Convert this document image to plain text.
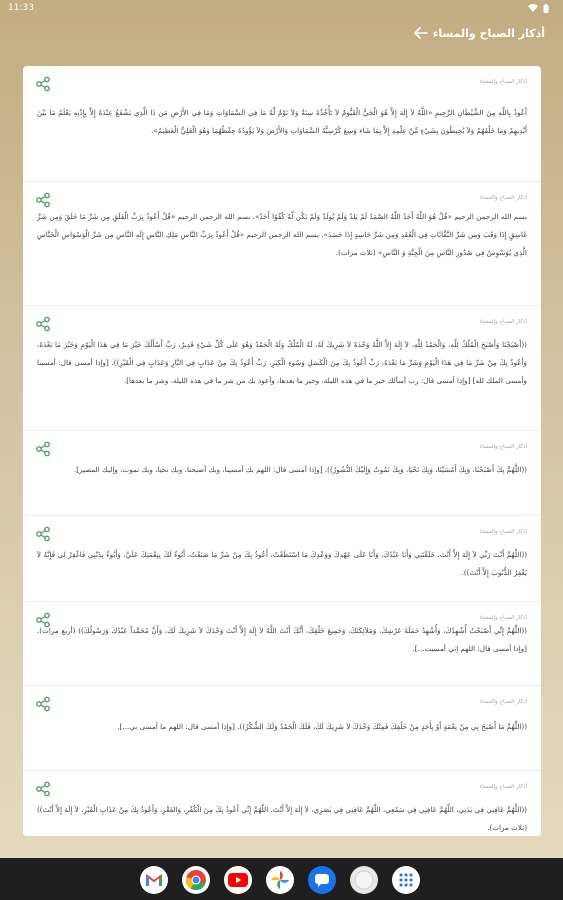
11:33
أذكار الصباح والمساء
أذكار الصباح والمساء
أَعُوذُ بِاللَّهِ مِنَ الشَّيْطَانِ الرَّجِيمِ «اللَّهُ لاَ إِلَهَ إِلاَّ هُوَ الْحَيُّ الْقَيُّومُ لاَ تَأْخُذُهُ سِنَةٌ وَلاَ نَوْمٌ لَّهُ مَا فِي السَّمَاوَاتِ وَمَا فِي الأَرْضِ مَن ذَا الَّذِي يَشْفَعُ عِنْدَهُ إِلاَّ بِإِذْنِهِ يَعْلَمُ مَا بَيْنَ أَيْدِيهِمْ وَمَا خَلْفَهُمْ وَلاَ يُحِيطُونَ بِشَيْءٍ مِّنْ عِلْمِهِ إِلاَّ بِمَا شَاء وَسِعَ كُرْسِيُّهُ السَّمَاوَاتِ وَالأَرْضَ وَلاَ يَؤُودُهُ حِفْظُهُمَا وَهُوَ الْعَلِيُّ الْعَظِيمُ».
أذكار الصباح والمساء
بسم الله الرحمن الرحيم «قُلْ هُوَ اللَّهُ أَحَدٌ اللَّهُ الصَّمَدُ لَمْ يَلِدْ وَلَمْ يُولَدْ وَلَمْ يَكُن لَّهُ كُفُوًا أَحَدٌ». بسم الله الرحمن الرحيم «قُلْ أَعُوذُ بِرَبِّ الْفَلَقِ مِن شَرِّ مَا خَلَقَ وَمِن شَرِّ غَاسِقٍ إِذَا وَقَبَ وَمِن شَرِّ النَّفَّاثَاتِ فِي الْعُقَدِ وَمِن شَرِّ حَاسِدٍ إِذَا حَسَدَ». بسم الله الرحمن الرحيم «قُلْ أَعُوذُ بِرَبِّ النَّاسِ مَلِكِ النَّاسِ إِلَهِ النَّاسِ مِن شَرِّ الْوَسْوَاسِ الْخَنَّاسِ الَّذِي يُوَسْوِسُ فِي صُدُورِ النَّاسِ مِنَ الْجِنَّةِ وَ النَّاسِ» (ثلاث مرات).
أذكار الصباح والمساء
((أَصْبَحْنَا وَأَصْبَحَ الْمُلْكُ لِلَّهِ، وَالْحَمْدُ لِلَّهِ، لاَ إِلَهَ إِلاَّ اللَّهُ وَحْدَهُ لاَ شَرِيكَ لَهُ، لَهُ الْمُلْكُ وَلَهُ الْحَمْدُ وَهُوَ عَلَى كُلِّ شَيْءٍ قَدِيرٌ، رَبِّ أَسْأَلُكَ خَيْرَ مَا فِي هَذَا الْيَوْمِ وَخَيْرَ مَا بَعْدَهُ، وَأَعُوذُ بِكَ مِنْ شَرِّ مَا فِي هَذَا الْيَوْمِ وَشَرِّ مَا بَعْدَهُ، رَبِّ أَعُوذُ بِكَ مِنَ الْكَسَلِ وَسُوءِ الْكِبَرِ، رَبِّ أَعُوذُ بِكَ مِنْ عَذَابٍ فِي النَّارِ وَعَذَابٍ فِي الْقَبْرِ)). [وإذا أمسى قال: أمسينا وأمسى الملك لله] [وإذا أمسى قال: رب أسألك خير ما في هذه الليلة، وخير ما بعدها، وأعوذ بك من شر ما في هذه الليلة، وشر ما بعدها].
أذكار الصباح والمساء
((اللَّهُمَّ بِكَ أَصْبَحْنَا، وَبِكَ أَمْسَيْنَا، وَبِكَ نَحْيَا، وَبِكَ نَمُوتُ وَإِلَيْكَ النُّشُورُ)). [وإذا أمسى قال: اللهم بك أمسينا، وبك أصبحنا، وبك نحيا، وبك نموت، وإليك المصير].
أذكار الصباح والمساء
((اللَّهُمَّ أَنْتَ رَبِّي لاَ إِلَهَ إِلاَّ أَنْتَ، خَلَقْتَنِي وَأَنَا عَبْدُكَ، وَأَنَا عَلَى عَهْدِكَ وَوَعْدِكَ مَا اسْتَطَعْتُ، أَعُوذُ بِكَ مِنْ شَرِّ مَا صَنَعْتُ، أَبُوءُ لَكَ بِنِعْمَتِكَ عَلَيَّ، وَأَبُوءُ بِذَنْبِي فَاغْفِرْ لِي فَإِنَّهُ لاَ يَغْفِرُ الذُّنُوبَ إِلاَّ أَنْتَ)).
أذكار الصباح والمساء
((اللَّهُمَّ إِنِّي أَصْبَحْتُ أُشْهِدُكَ، وَأُشْهِدُ حَمَلَةَ عَرْشِكَ، وَمَلاَئِكَتَكَ، وَجَمِيعَ خَلْقِكَ، أَنَّكَ أَنْتَ اللَّهُ لاَ إِلَهَ إِلاَّ أَنْتَ وَحْدَكَ لاَ شَرِيكَ لَكَ، وَأَنَّ مُحَمَّداً عَبْدُكَ وَرَسُولُكَ)) (أربع مرات). [وإذا أمسى قال: اللهم إني أمسيت...].
أذكار الصباح والمساء
((اللَّهُمَّ مَا أَصْبَحَ بِي مِنْ نِعْمَةٍ أَوْ بِأَحَدٍ مِنْ خَلْقِكَ فَمِنْكَ وَحْدَكَ لاَ شَرِيكَ لَكَ، فَلَكَ الْحَمْدُ وَلَكَ الشُّكْرُ)). [وإذا أمسى قال: اللهم ما أمسى بي...].
أذكار الصباح والمساء
((اللَّهُمَّ عَافِنِي فِي بَدَنِي، اللَّهُمَّ عَافِنِي فِي سَمْعِي، اللَّهُمَّ عَافِنِي فِي بَصَرِي، لاَ إِلَهَ إِلاَّ أَنْتَ. اللَّهُمَّ إِنِّي أَعُوذُ بِكَ مِنَ الْكُفْرِ، وَالفَقْرِ، وَأَعُوذُ بِكَ مِنْ عَذَابِ الْقَبْرِ، لاَ إِلَهَ إِلاَّ أَنْتَ)) (ثلاث مرات).
